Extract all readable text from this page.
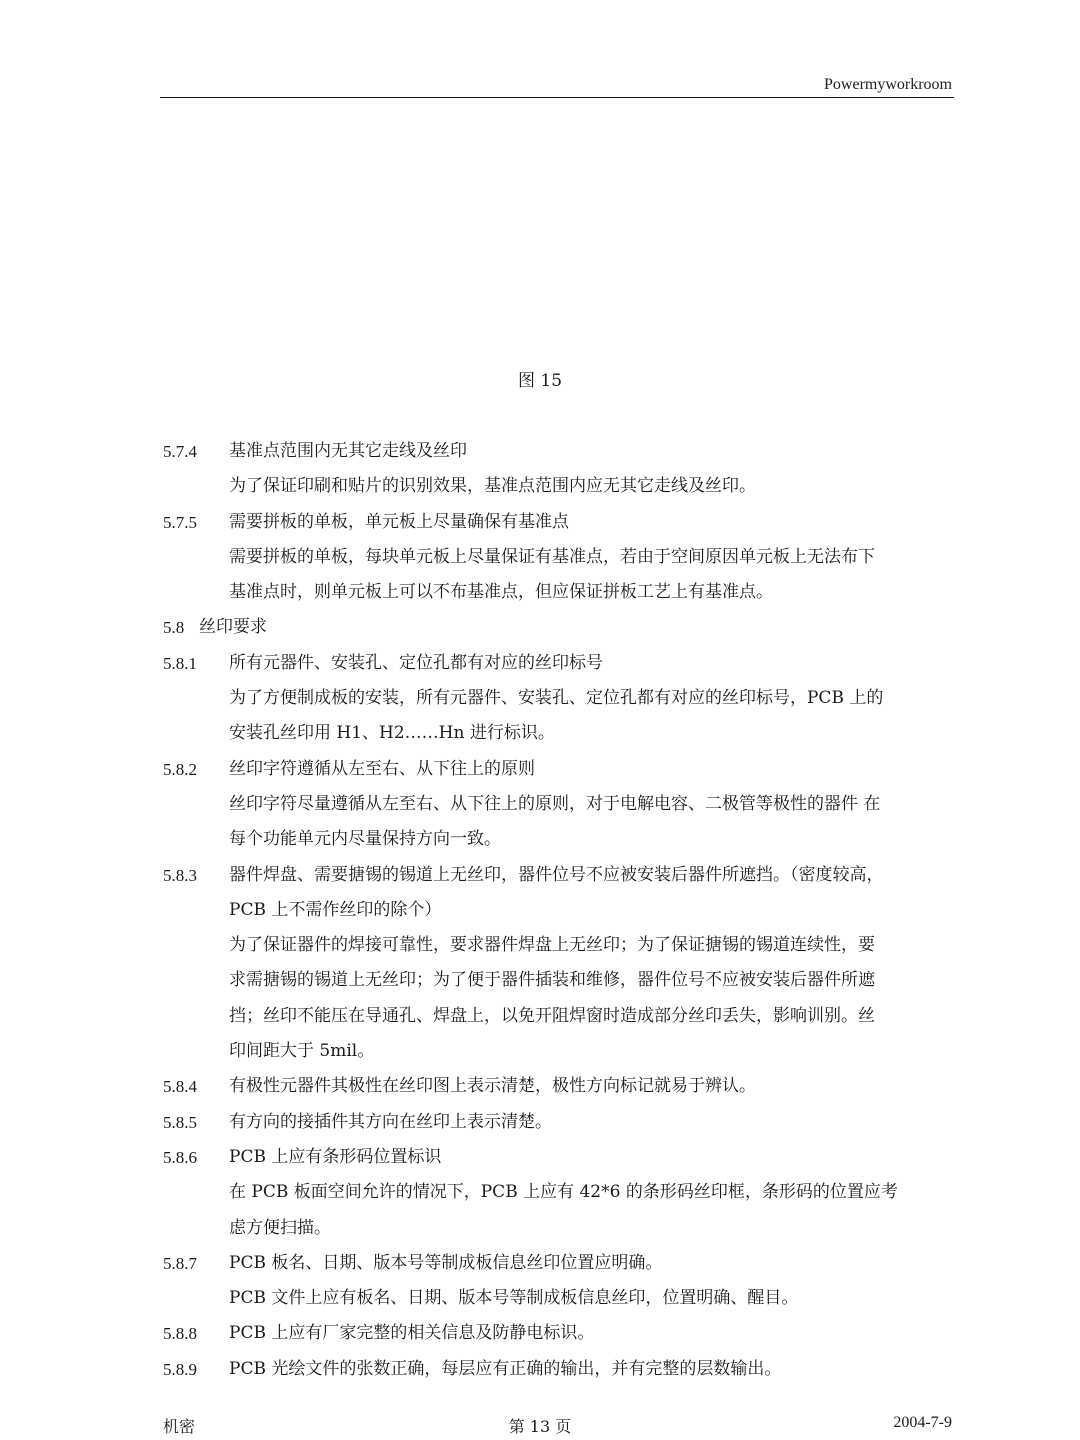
Powermyworkroom
图 15
5.7.4 基准点范围内无其它走线及丝印
为了保证印刷和贴片的识别效果，基准点范围内应无其它走线及丝印。
5.7.5 需要拼板的单板，单元板上尽量确保有基准点
需要拼板的单板，每块单元板上尽量保证有基准点，若由于空间原因单元板上无法布下
基准点时，则单元板上可以不布基准点，但应保证拼板工艺上有基准点。
5.8 丝印要求
5.8.1 所有元器件、安装孔、定位孔都有对应的丝印标号
为了方便制成板的安装，所有元器件、安装孔、定位孔都有对应的丝印标号，PCB 上的
安装孔丝印用 H1、H2……Hn 进行标识。
5.8.2 丝印字符遵循从左至右、从下往上的原则
丝印字符尽量遵循从左至右、从下往上的原则，对于电解电容、二极管等极性的器件 在
每个功能单元内尽量保持方向一致。
5.8.3 器件焊盘、需要搪锡的锡道上无丝印，器件位号不应被安装后器件所遮挡。（密度较高，
PCB 上不需作丝印的除个）
为了保证器件的焊接可靠性，要求器件焊盘上无丝印；为了保证搪锡的锡道连续性，要
求需搪锡的锡道上无丝印；为了便于器件插装和维修，器件位号不应被安装后器件所遮
挡；丝印不能压在导通孔、焊盘上，以免开阻焊窗时造成部分丝印丢失，影响训别。丝
印间距大于 5mil。
5.8.4 有极性元器件其极性在丝印图上表示清楚，极性方向标记就易于辨认。
5.8.5 有方向的接插件其方向在丝印上表示清楚。
5.8.6 PCB 上应有条形码位置标识
在 PCB 板面空间允许的情况下，PCB 上应有 42*6 的条形码丝印框，条形码的位置应考
虑方便扫描。
5.8.7 PCB 板名、日期、版本号等制成板信息丝印位置应明确。
PCB 文件上应有板名、日期、版本号等制成板信息丝印，位置明确、醒目。
5.8.8 PCB 上应有厂家完整的相关信息及防静电标识。
5.8.9 PCB 光绘文件的张数正确，每层应有正确的输出，并有完整的层数输出。
机密	第 13 页	2004-7-9
